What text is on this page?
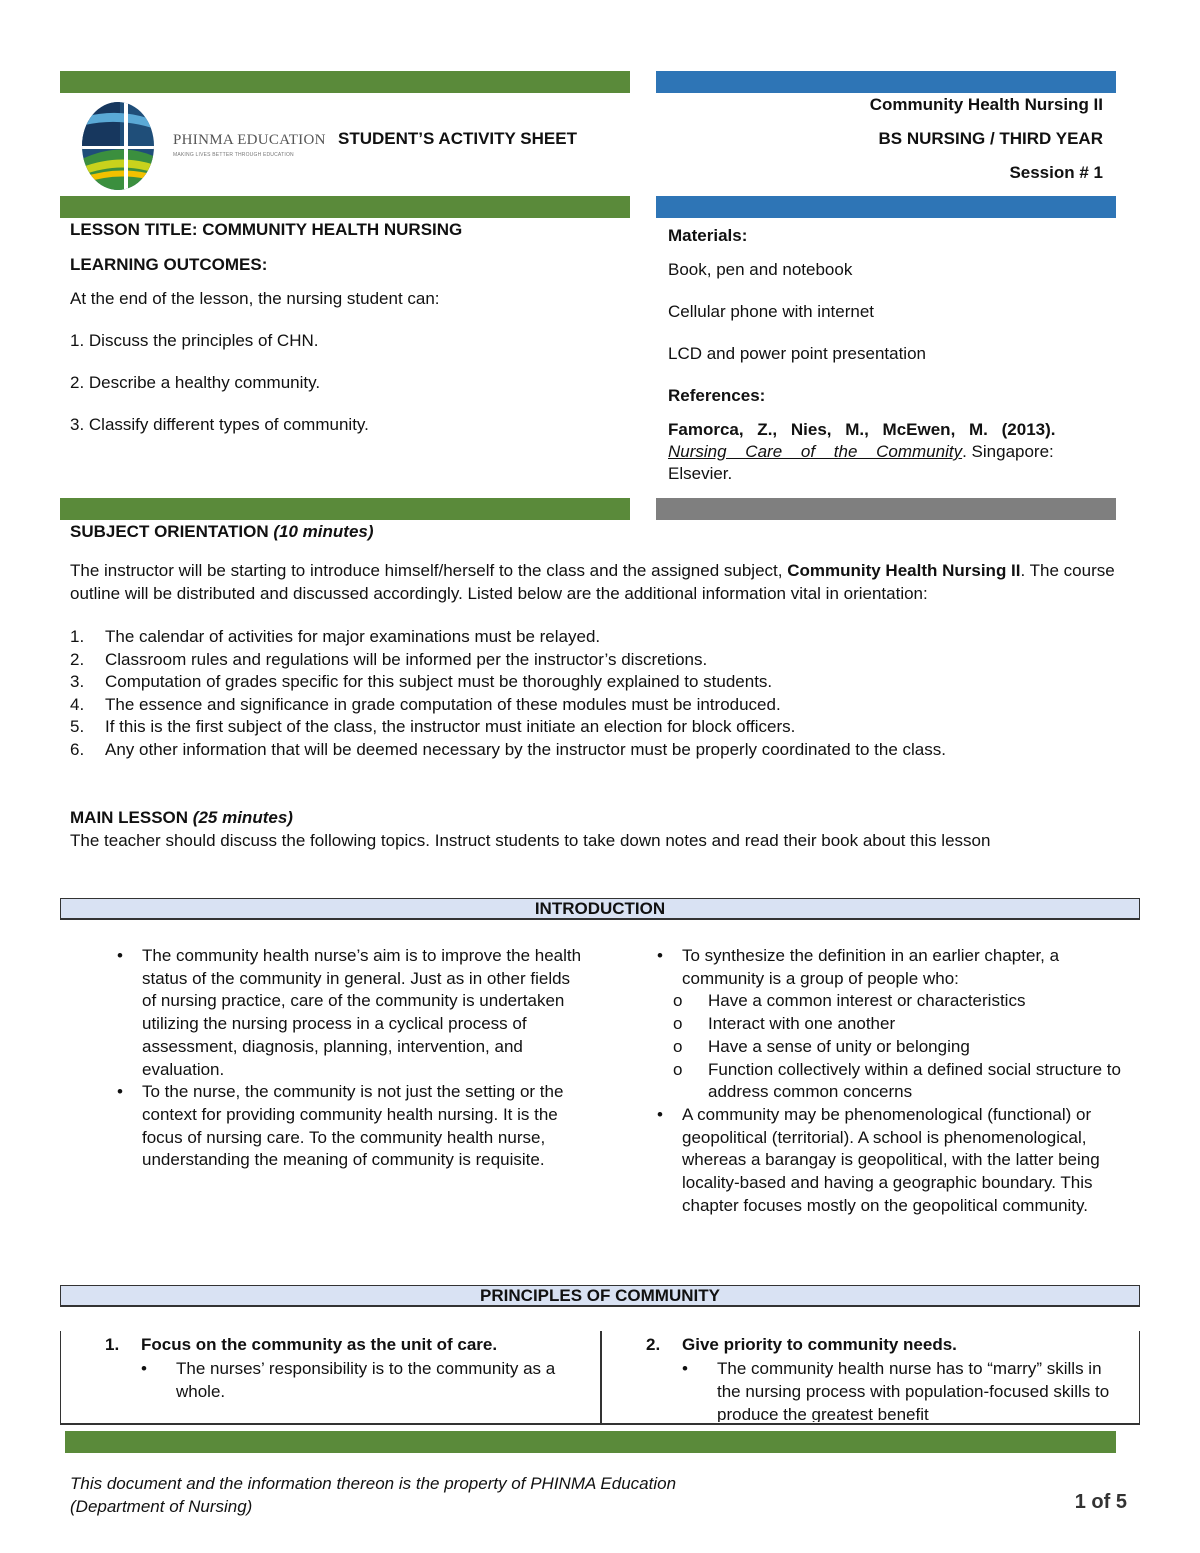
PHINMA EDUCATION
MAKING LIVES BETTER THROUGH EDUCATION
STUDENT’S ACTIVITY SHEET
Community Health Nursing II
BS NURSING / THIRD YEAR
Session # 1
LESSON TITLE: COMMUNITY HEALTH NURSING
LEARNING OUTCOMES:
At the end of the lesson, the nursing student can:
1. Discuss the principles of CHN.
2. Describe a healthy community.
3. Classify different types of community.
Materials:
Book, pen and notebook
Cellular phone with internet
LCD and power point presentation
References:
Famorca, Z., Nies, M., McEwen, M. (2013).
Nursing Care of the Community. Singapore:
Elsevier.
SUBJECT ORIENTATION (10 minutes)
The instructor will be starting to introduce himself/herself to the class and the assigned subject, Community Health Nursing II. The course outline will be distributed and discussed accordingly. Listed below are the additional information vital in orientation:
1. The calendar of activities for major examinations must be relayed.
2. Classroom rules and regulations will be informed per the instructor’s discretions.
3. Computation of grades specific for this subject must be thoroughly explained to students.
4. The essence and significance in grade computation of these modules must be introduced.
5. If this is the first subject of the class, the instructor must initiate an election for block officers.
6. Any other information that will be deemed necessary by the instructor must be properly coordinated to the class.
MAIN LESSON (25 minutes)
The teacher should discuss the following topics. Instruct students to take down notes and read their book about this lesson
INTRODUCTION
•	The community health nurse’s aim is to improve the health status of the community in general. Just as in other fields of nursing practice, care of the community is undertaken utilizing the nursing process in a cyclical process of assessment, diagnosis, planning, intervention, and evaluation.
•	To the nurse, the community is not just the setting or the context for providing community health nursing. It is the focus of nursing care. To the community health nurse, understanding the meaning of community is requisite.
•	To synthesize the definition in an earlier chapter, a community is a group of people who:
o Have a common interest or characteristics
o Interact with one another
o Have a sense of unity or belonging
o Function collectively within a defined social structure to address common concerns
•	A community may be phenomenological (functional) or geopolitical (territorial). A school is phenomenological, whereas a barangay is geopolitical, with the latter being locality-based and having a geographic boundary. This chapter focuses mostly on the geopolitical community.
PRINCIPLES OF COMMUNITY
1. Focus on the community as the unit of care.
• The nurses’ responsibility is to the community as a whole.
2. Give priority to community needs.
• The community health nurse has to “marry” skills in the nursing process with population-focused skills to produce the greatest benefit
This document and the information thereon is the property of PHINMA Education (Department of Nursing)	1 of 5
